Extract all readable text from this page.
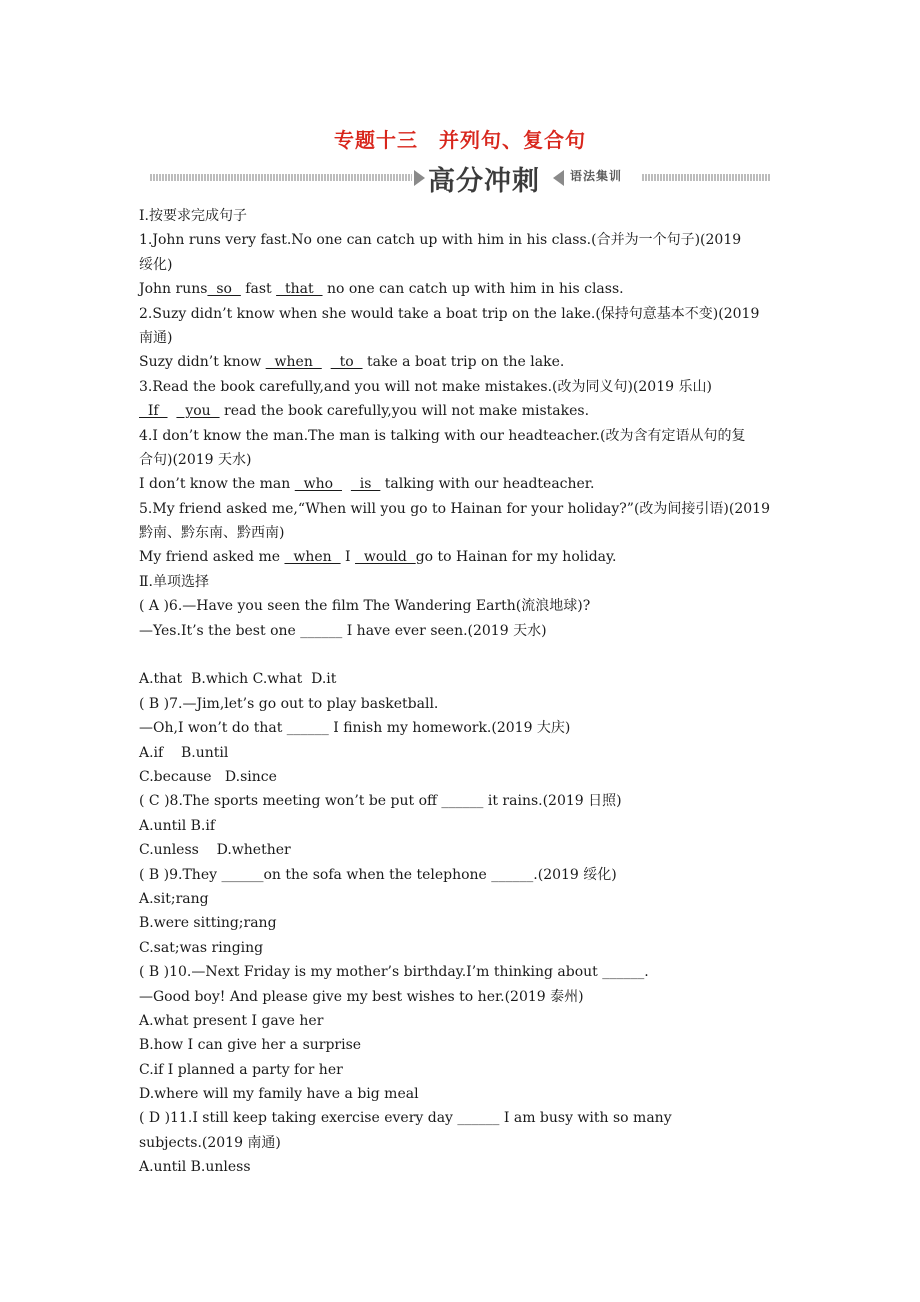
专题十三　并列句、复合句
高分冲刺	语法集训
Ⅰ.按要求完成句子
1.John runs very fast.No one can catch up with him in his class.(合并为一个句子)(2019
绥化)
John runs  so   fast   that   no one can catch up with him in his class.
2.Suzy didn’t know when she would take a boat trip on the lake.(保持句意基本不变)(2019
南通)
Suzy didn’t know   when      to   take a boat trip on the lake.
3.Read the book carefully,and you will not make mistakes.(改为同义句)(2019 乐山)
If      you   read the book carefully,you will not make mistakes.
4.I don’t know the man.The man is talking with our headteacher.(改为含有定语从句的复
合句)(2019 天水)
I don’t know the man   who      is   talking with our headteacher.
5.My friend asked me,“When will you go to Hainan for your holiday?”(改为间接引语)(2019
黔南、黔东南、黔西南)
My friend asked me   when   I   would  go to Hainan for my holiday.
Ⅱ.单项选择
( A )6.—Have you seen the film The Wandering Earth(流浪地球)?
—Yes.It’s the best one ______ I have ever seen.(2019 天水)
A.that  B.which C.what  D.it
( B )7.—Jim,let’s go out to play basketball.
—Oh,I won’t do that ______ I finish my homework.(2019 大庆)
A.if    B.until
C.because   D.since
( C )8.The sports meeting won’t be put off ______ it rains.(2019 日照)
A.until B.if
C.unless    D.whether
( B )9.They ______on the sofa when the telephone ______.(2019 绥化)
A.sit;rang
B.were sitting;rang
C.sat;was ringing
( B )10.—Next Friday is my mother’s birthday.I’m thinking about ______.
—Good boy! And please give my best wishes to her.(2019 泰州)
A.what present I gave her
B.how I can give her a surprise
C.if I planned a party for her
D.where will my family have a big meal
( D )11.I still keep taking exercise every day ______ I am busy with so many
subjects.(2019 南通)
A.until B.unless
